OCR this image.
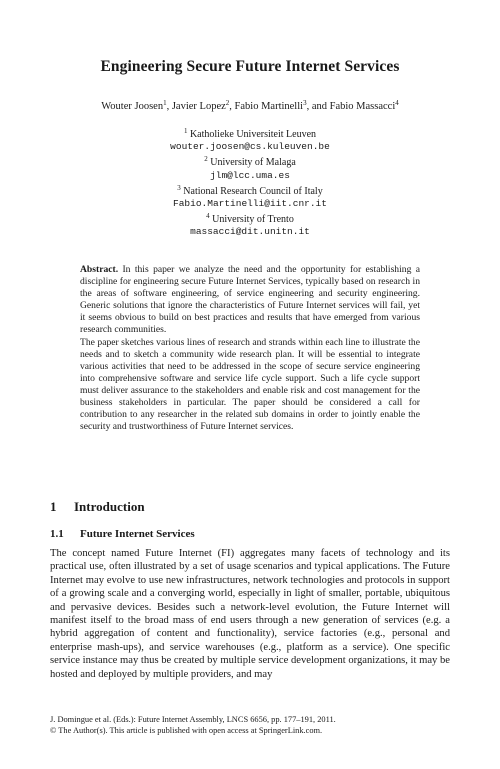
Engineering Secure Future Internet Services
Wouter Joosen$^1$, Javier Lopez$^2$, Fabio Martinelli$^3$, and Fabio Massacci$^4$
$^1$ Katholieke Universiteit Leuven
wouter.joosen@cs.kuleuven.be
$^2$ University of Malaga
jlm@lcc.uma.es
$^3$ National Research Council of Italy
Fabio.Martinelli@iit.cnr.it
$^4$ University of Trento
massacci@dit.unitn.it

Abstract. In this paper we analyze the need and the opportunity for establishing a discipline for engineering secure Future Internet Services, typically based on research in the areas of software engineering, of service engineering and security engineering. Generic solutions that ignore the characteristics of Future Internet services will fail, yet it seems obvious to build on best practices and results that have emerged from various research communities.

The paper sketches various lines of research and strands within each line to illustrate the needs and to sketch a community wide research plan. It will be essential to integrate various activities that need to be addressed in the scope of secure service engineering into comprehensive software and service life cycle support. Such a life cycle support must deliver assurance to the stakeholders and enable risk and cost management for the business stakeholders in particular. The paper should be considered a call for contribution to any researcher in the related sub domains in order to jointly enable the security and trustworthiness of Future Internet services.

1 Introduction
1.1 Future Internet Services

The concept named Future Internet (FI) aggregates many facets of technology and its practical use, often illustrated by a set of usage scenarios and typical applications. The Future Internet may evolve to use new infrastructures, network technologies and protocols in support of a growing scale and a converging world, especially in light of smaller, portable, ubiquitous and pervasive devices. Besides such a network-level evolution, the Future Internet will manifest itself to the broad mass of end users through a new generation of services (e.g. a hybrid aggregation of content and functionality), service factories (e.g., personal and enterprise mash-ups), and service warehouses (e.g., platform as a service). One specific service instance may thus be created by multiple service development organizations, it may be hosted and deployed by multiple providers, and may

J. Domingue et al. (Eds.): Future Internet Assembly, LNCS 6656, pp. 177–191, 2011.

© The Author(s). This article is published with open access at SpringerLink.com.
